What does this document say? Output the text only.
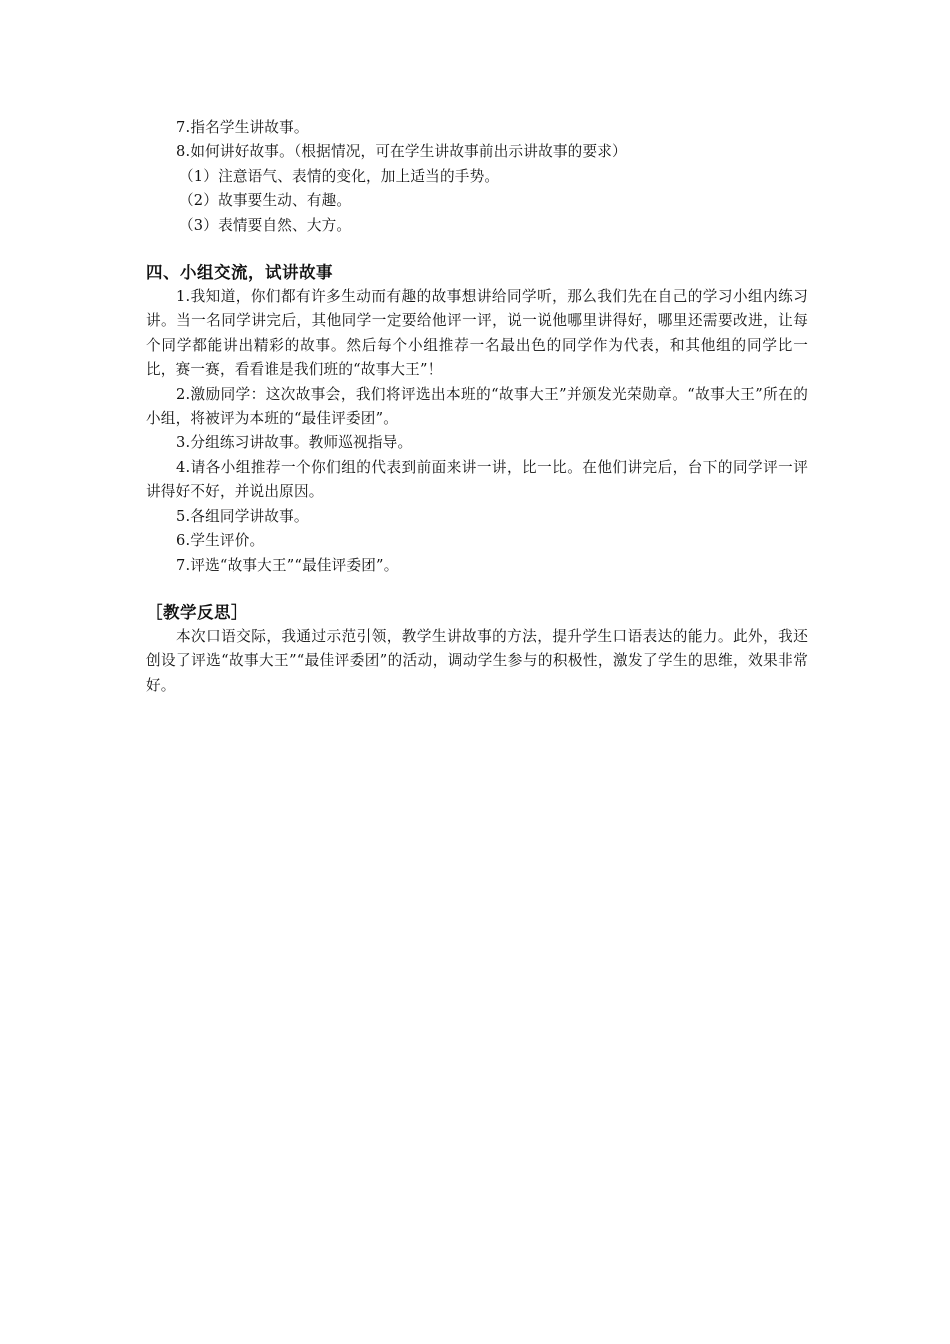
7.指名学生讲故事。

8.如何讲好故事。（根据情况，可在学生讲故事前出示讲故事的要求）

（1）注意语气、表情的变化，加上适当的手势。

（2）故事要生动、有趣。

（3）表情要自然、大方。

四、小组交流，试讲故事

1.我知道，你们都有许多生动而有趣的故事想讲给同学听，那么我们先在自己的学习小组内练习讲。当一名同学讲完后，其他同学一定要给他评一评，说一说他哪里讲得好，哪里还需要改进，让每个同学都能讲出精彩的故事。然后每个小组推荐一名最出色的同学作为代表，和其他组的同学比一比，赛一赛，看看谁是我们班的“故事大王”！

2.激励同学：这次故事会，我们将评选出本班的“故事大王”并颁发光荣勋章。“故事大王”所在的小组，将被评为本班的“最佳评委团”。

3.分组练习讲故事。教师巡视指导。

4.请各小组推荐一个你们组的代表到前面来讲一讲，比一比。在他们讲完后，台下的同学评一评讲得好不好，并说出原因。

5.各组同学讲故事。

6.学生评价。

7.评选“故事大王”“最佳评委团”。

［教学反思］

本次口语交际，我通过示范引领，教学生讲故事的方法，提升学生口语表达的能力。此外，我还创设了评选“故事大王”“最佳评委团”的活动，调动学生参与的积极性，激发了学生的思维，效果非常好。
